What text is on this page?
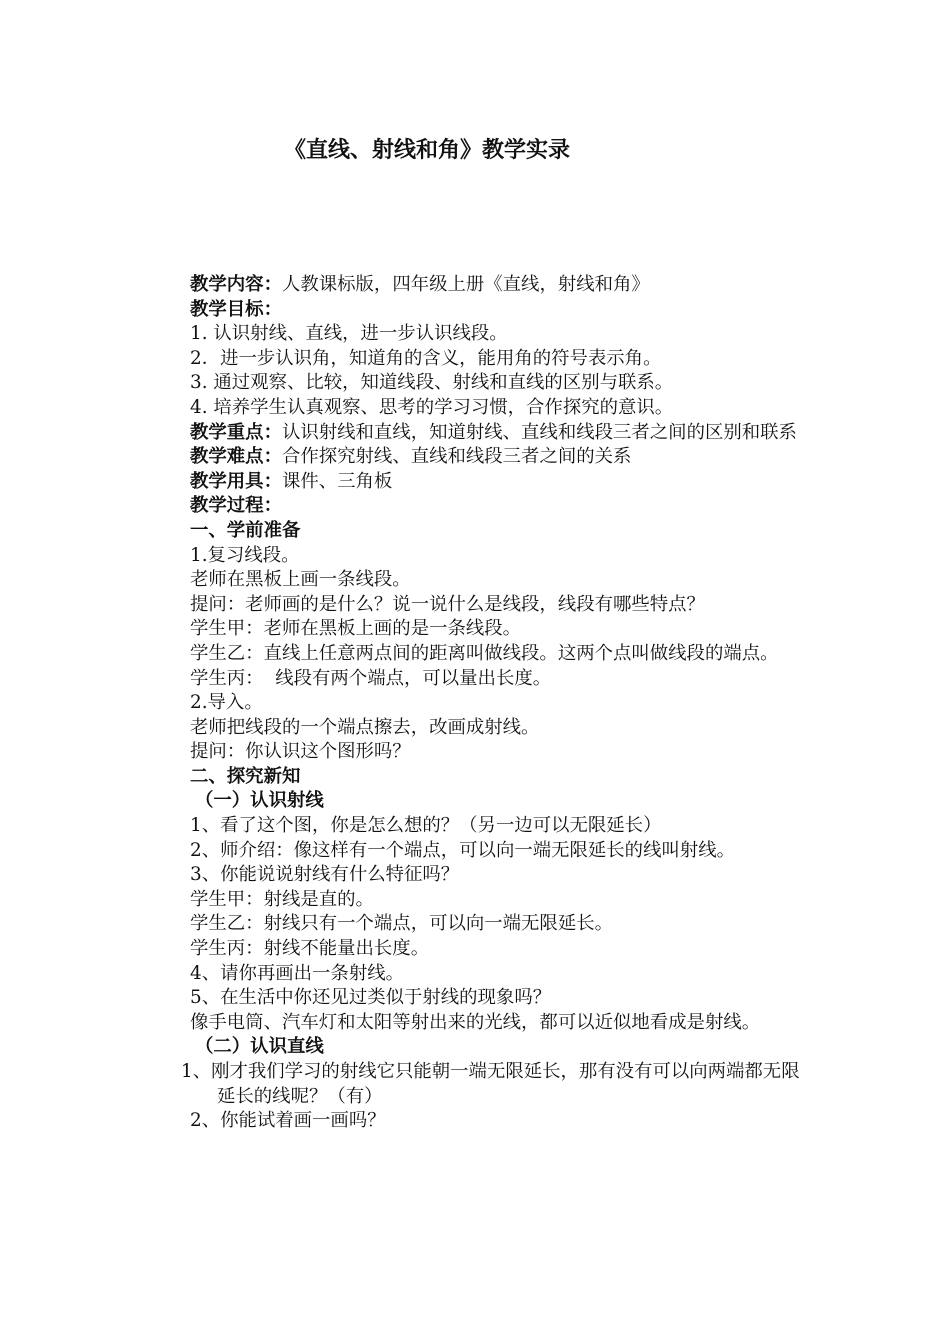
《直线、射线和角》教学实录

教学内容：人教课标版，四年级上册《直线，射线和角》

教学目标：

1. 认识射线、直线，进一步认识线段。

2．进一步认识角，知道角的含义，能用角的符号表示角。

3. 通过观察、比较，知道线段、射线和直线的区别与联系。

4. 培养学生认真观察、思考的学习习惯，合作探究的意识。

教学重点：认识射线和直线，知道射线、直线和线段三者之间的区别和联系

教学难点：合作探究射线、直线和线段三者之间的关系

教学用具：课件、三角板

教学过程：

一、学前准备

1.复习线段。

老师在黑板上画一条线段。

提问：老师画的是什么？说一说什么是线段，线段有哪些特点？

学生甲：老师在黑板上画的是一条线段。

学生乙：直线上任意两点间的距离叫做线段。这两个点叫做线段的端点。

学生丙：  线段有两个端点，可以量出长度。

2.导入。

老师把线段的一个端点擦去，改画成射线。

提问：你认识这个图形吗？

二、探究新知

（一）认识射线

1、看了这个图，你是怎么想的？（另一边可以无限延长）

2、师介绍：像这样有一个端点，可以向一端无限延长的线叫射线。

3、你能说说射线有什么特征吗？

学生甲：射线是直的。

学生乙：射线只有一个端点，可以向一端无限延长。

学生丙：射线不能量出长度。

4、请你再画出一条射线。

5、在生活中你还见过类似于射线的现象吗？

像手电筒、汽车灯和太阳等射出来的光线，都可以近似地看成是射线。

（二）认识直线

1、刚才我们学习的射线它只能朝一端无限延长，那有没有可以向两端都无限延长的线呢？（有）

2、你能试着画一画吗？
